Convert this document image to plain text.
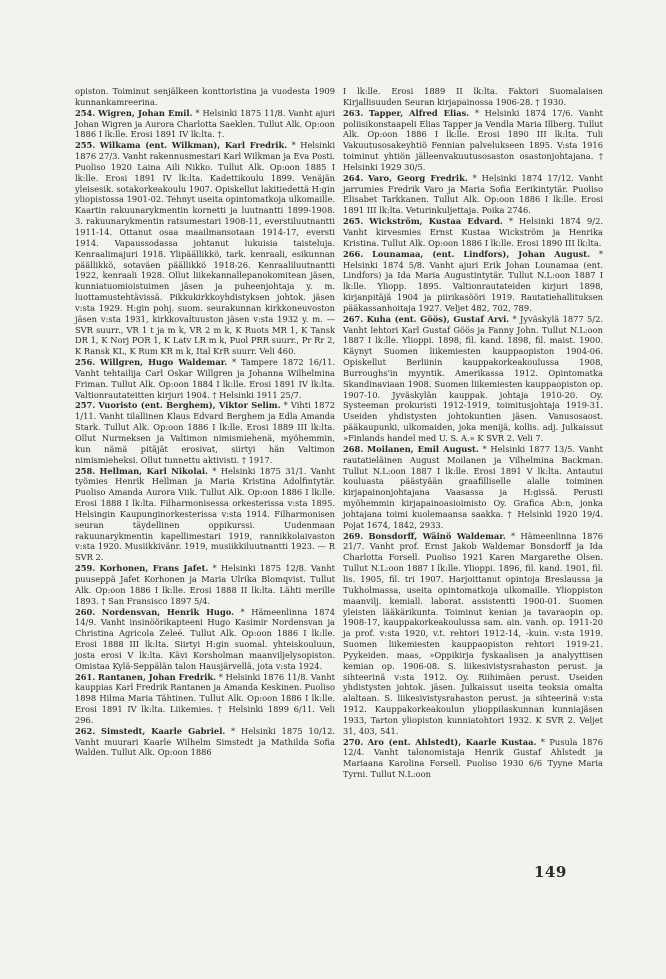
opiston. Toiminut senjälkeen konttoristina ja vuodesta 1909 kunnankamreerina.

254. Wigren, Johan Emil. * Helsinki 1875 11/8. Vanht ajuri Johan Wigren ja Aurora Charlotta Saeklen. Tullut Alk. Op:oon 1886 I lk:lle. Erosi 1891 IV lk:lta. †.

255. Wilkama (ent. Wilkman), Karl Fredrik. * Helsinki 1876 27/3. Vanht rakennusmestari Karl Wilkman ja Eva Posti. Puoliso 1920 Laina Aili Nikko. Tullut Alk. Op:oon 1885 I lk:lle. Erosi 1891 IV lk:lta. Kadettikoulu 1899. Venäjän yleisesik. sotakorkeakoulu 1907. Opiskellut lakitiedettä H:gin yliopistossa 1901-02. Tehnyt useita opintomatkoja ulkomaille. Kaartin rakuunarykmentin kornetti ja luutnantti 1899-1908. 3. rakuunarykmentin ratsumestari 1908-11, everstiluutnantti 1911-14. Ottanut osaa maailmansotaan 1914-17, eversti 1914. Vapaussodassa johtanut lukuisia taisteluja. Kenraalimajuri 1918. Ylipäällikkö, tark. kenraali, esikunnan päällikkö, sotaväen päällikkö 1918-26. Kenraaliluutnantti 1922, kenraali 1928. Ollut liikekannallepanokomitean jäsen, kunniatuomioistuimen jäsen ja puheenjohtaja y. m. luottamustehtävissä. Pikkukirkkoyhdistyksen johtok. jäsen v:sta 1929. H:gin pohj. suom. seurakunnan kirkkoneuvoston jäsen v:sta 1931, kirkkovaltuuston jäsen v:sta 1932 y. m. — SVR suurr., VR 1 t ja m k, VR 2 m k, K Ruots MR 1, K Tansk DR 1, K Norj POR 1, K Latv LR m k, Puol PRR suurr., Pr Rr 2, K Ransk KL, K Rum KR m k, Ital KrR suurr. Veli 460.

256. Willgren, Hugo Waldemar. * Tampere 1872 16/11. Vanht tehtailija Carl Oskar Willgren ja Johanna Wilhelmina Friman. Tullut Alk. Op:oon 1884 I lk:lle. Erosi 1891 IV lk:lta. Valtionrautateitten kirjuri 1904. † Helsinki 1911 25/7.

257. Vuoristo (ent. Berghem), Viktor Selim. * Vihti 1872 1/11. Vanht tilallinen Klaus Edvard Berghem ja Edla Amanda Stark. Tullut Alk. Op:oon 1886 I lk:lle. Erosi 1889 III lk:lta. Ollut Nurmeksen ja Valtimon nimismiehenä, myöhemmin, kun nämä pitäjät erosivat, siirtyi hän Valtimon nimismieheksi. Ollut tunnettu aktivisti. † 1917.

258. Hellman, Karl Nikolai. * Helsinki 1875 31/1. Vanht työmies Henrik Hellman ja Maria Kristina Adolfintytär. Puoliso Amanda Aurora Viik. Tullut Alk. Op:oon 1886 I lk:lle. Erosi 1888 I lk:lta. Filharmonisessa orkesterissa v:sta 1895. Helsingin Kaupunginorkesterissa v:sta 1914. Filharmonisen seuran täydellinen oppikurssi. Uudenmaan rakuunarykmentin kapellimestari 1919, rannikkolaivaston v:sta 1920. Musiikkivänr. 1919, musiikkiluutnantti 1923. — R SVR 2.

259. Korhonen, Frans Jafet. * Helsinki 1875 12/8. Vanht puuseppä Jafet Korhonen ja Maria Ulrika Blomqvist. Tullut Alk. Op:oon 1886 I lk:lle. Erosi 1888 II lk:lta. Lähti merille 1893. † San Fransisco 1897 5/4.

260. Nordensvan, Henrik Hugo. * Hämeenlinna 1874 14/9. Vanht insinöörikapteeni Hugo Kasimir Nordensvan ja Christina Agricola Zeleé. Tullut Alk. Op:oon 1886 I lk:lle. Erosi 1888 III lk:lta. Siirtyi H:gin suomal. yhteiskouluun, josta erosi V lk:lta. Kävi Korsholman maanviljelysopiston. Omistaa Kylä-Seppälän talon Hausjärvellä, jota v:sta 1924.

261. Rantanen, Johan Fredrik. * Helsinki 1876 11/8. Vanht kauppias Karl Fredrik Rantanen ja Amanda Keskinen. Puoliso 1898 Hilma Maria Tähtinen. Tullut Alk. Op:oon 1886 I lk:lle. Erosi 1891 IV lk:lta. Liikemies. † Helsinki 1899 6/11. Veli 296.

262. Simstedt, Kaarle Gabriel. * Helsinki 1875 10/12. Vanht muurari Kaarle Wilhelm Simstedt ja Mathilda Sofia Walden. Tullut Alk. Op:oon 1886

I lk:lle. Erosi 1889 II lk:lta. Faktori Suomalaisen Kirjallisuuden Seuran kirjapainossa 1906-28. † 1930.

263. Tapper, Alfred Elias. * Helsinki 1874 17/6. Vanht poliisikonstaapeli Elias Tapper ja Vendla Maria Illberg. Tullut Alk. Op:oon 1886 I lk:lle. Erosi 1890 III lk:lta. Tuli Vakuutusosakeyhtiö Fennian palvelukseen 1895. V:sta 1916 toiminut yhtiön jälleenvakuutusosaston osastonjohtajana. † Helsinki 1929 30/5.

264. Varo, Georg Fredrik. * Helsinki 1874 17/12. Vanht jarrumies Fredrik Varo ja Maria Sofia Eerikintytär. Puoliso Elisabet Tarkkanen. Tullut Alk. Op:oon 1886 I lk:lle. Erosi 1891 III lk:lta. Veturinkuljettaja. Poika 2746.

265. Wickström, Kustaa Edvard. * Helsinki 1874 9/2. Vanht kirvesmies Ernst Kustaa Wickström ja Henrika Kristina. Tullut Alk. Op:oon 1886 I lk:lle. Erosi 1890 III lk:lta.

266. Lounamaa, (ent. Lindfors), Johan August. * Helsinki 1874 5/8. Vanht ajuri Erik Johan Lounamaa (ent. Lindfors) ja Ida Maria Augustintytär. Tullut N.L:oon 1887 I lk:lle. Yliopp. 1895. Valtionrautateiden kirjuri 1898, kirjanpitäjä 1904 ja piirikasööri 1919. Rautatiehallituksen pääkassanhoitaja 1927. Veljet 482, 702, 789.

267. Kuha (ent. Göös), Gustaf Arvi. * Jyväskylä 1877 5/2. Vanht lehtori Karl Gustaf Göös ja Fanny John. Tullut N.L:oon 1887 I lk:lle. Ylioppi. 1898, fil. kand. 1898, fil. maist. 1900. Käynyt Suomen liikemiesten kauppaopiston 1904-06. Opiskellut Berliinin kauppakorkeakoulussa 1908, Burroughs'in myyntik. Amerikassa 1912. Opintomatka Skandinaviaan 1908. Suomen liikemiesten kauppaopiston op. 1907-10. Jyväskylän kauppak. johtaja 1910-20. Oy. Systeeman prokuristi 1912-1919, toimitusjohtaja 1919-31. Useiden yhdistysten johtokuntien jäsen. Vanusosaost. pääkaupunki, ulkomaiden, joka menijä, kollis. adj. Julkaissut »Finlands handel med U. S. A.» K SVR 2. Veli 7.

268. Moilanen, Emil August. * Helsinki 1877 13/5. Vanht rautatieläinen August Moilanen ja Vilhelmina Backman. Tullut N.L:oon 1887 I lk:lle. Erosi 1891 V lk:lta. Antautui kouluasta päästyään graafilliselle alalle toiminen kirjapainonjohtajana Vaasassa ja H:gissä. Perusti myöhemmin kirjapainoasioimisto Oy. Grafica Ab:n, jonka johtajana toimi kuolemaansa saakka. † Helsinki 1920 19/4. Pojat 1674, 1842, 2933.

269. Bonsdorff, Wäinö Waldemar. * Hämeenlinna 1876 21/7. Vanht prof. Ernst Jakob Waldemar Bonsdorff ja Ida Charlotta Forsell. Puoliso 1921 Karen Margarethe Olsen. Tullut N.L:oon 1887 I lk:lle. Ylioppi. 1896, fil. kand. 1901, fil. lis. 1905, fil. tri 1907. Harjoittanut opintoja Breslaussa ja Tukholmassa, useita opintomatkoja ulkomaille. Ylioppiston maanvilj. kemiall. laborat. assistentti 1900-01. Suomen yleisten lääkärikunta. Toiminut kenian ja tavaraopin op. 1908-17, kauppakorkeakoulussa sam. ain. vanh. op. 1911-20 ja prof. v:sta 1920, v.t. rehtori 1912-14, -kuin. v:sta 1919. Suomen liikemiesten kauppaopiston rehtori 1919-21. Pyykeiden. maas, »Oppikirja fyskaalisen ja analyyttisen kemian op. 1906-08. S. liikesivistysrahaston perust. ja sihteerinä v:sta 1912. Oy. Riihimäen perust. Useiden yhdistysten johtok. jäsen. Julkaissut useita teoksia omalta alaltaan. S. liikesivistysrahaston perust. ja sihteerinä v:sta 1912. Kauppakorkeakoulun ylioppilaskunnan kunniajäsen 1933, Tarton yliopiston kunniatohtori 1932. K SVR 2. Veljet 31, 403, 541.

270. Aro (ent. Ahlstedt), Kaarle Kustaa. * Pusula 1876 12/4. Vanht talonomistaja Henrik Gustaf Ahlstedt ja Mariaana Karolina Forsell. Puoliso 1930 6/6 Tyyne Maria Tyrni. Tullut N.L:oon

149
